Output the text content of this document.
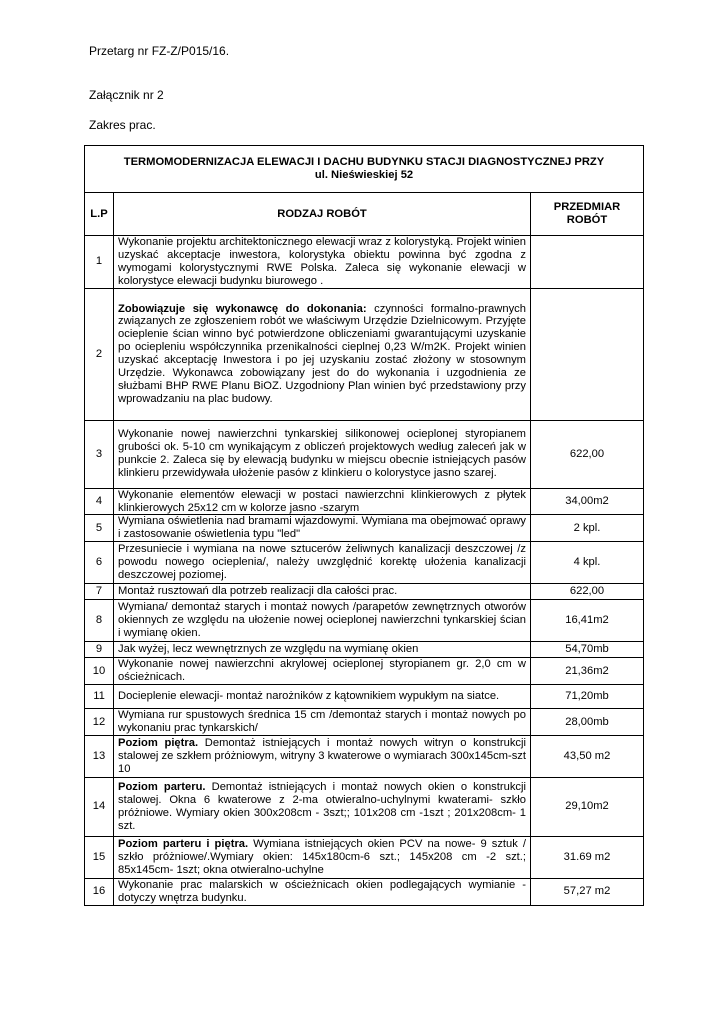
Przetarg nr FZ-Z/P015/16.
Załącznik nr 2
Zakres prac.
TERMOMODERNIZACJA ELEWACJI I DACHU BUDYNKU STACJI DIAGNOSTYCZNEJ PRZY
ul. Nieświeskiej 52		
L.P	RODZAJ ROBÓT	PRZEDMIAR ROBÓT
1	Wykonanie projektu architektonicznego elewacji wraz z kolorystyką. Projekt winien uzyskać akceptacje inwestora, kolorystyka obiektu powinna być zgodna z wymogami kolorystycznymi RWE Polska. Zaleca się wykonanie elewacji w kolorystyce elewacji budynku biurowego .	
2	Zobowiązuje się wykonawcę do dokonania: czynności formalno-prawnych związanych ze zgłoszeniem robót we właściwym Urzędzie Dzielnicowym. Przyjęte ocieplenie ścian winno być potwierdzone obliczeniami gwarantującymi uzyskanie po ociepleniu współczynnika przenikalności cieplnej 0,23 W/m2K. Projekt winien uzyskać akceptację Inwestora i po jej uzyskaniu zostać złożony w stosownym Urzędzie. Wykonawca zobowiązany jest do do wykonania i uzgodnienia ze służbami BHP RWE Planu BiOZ. Uzgodniony Plan winien być przedstawiony przy wprowadzaniu na plac budowy.	
3	Wykonanie nowej nawierzchni tynkarskiej silikonowej ocieplonej styropianem grubości ok. 5-10 cm wynikającym z obliczeń projektowych według zaleceń jak w punkcie 2. Zaleca się by elewacją budynku w miejscu obecnie istniejących pasów klinkieru przewidywała ułożenie pasów z klinkieru o kolorystyce jasno szarej.	622,00
4	Wykonanie elementów elewacji w postaci nawierzchni klinkierowych z płytek klinkierowych 25x12 cm w kolorze jasno -szarym	34,00m2
5	Wymiana oświetlenia nad bramami wjazdowymi. Wymiana ma obejmować oprawy i zastosowanie oświetlenia typu "led"	2 kpl.
6	Przesuniecie i wymiana na nowe sztucerów żeliwnych kanalizacji deszczowej /z powodu nowego ocieplenia/, należy uwzględnić korektę ułożenia kanalizacji deszczowej poziomej.	4 kpl.
7	Montaż rusztowań dla potrzeb realizacji dla całości prac.	622,00
8	Wymiana/ demontaż starych i montaż nowych /parapetów zewnętrznych otworów okiennych ze względu na ułożenie nowej ocieplonej nawierzchni tynkarskiej ścian i wymianę okien.	16,41m2
9	Jak wyżej, lecz wewnętrznych ze względu na wymianę okien	54,70mb
10	Wykonanie nowej nawierzchni akrylowej ocieplonej styropianem gr. 2,0 cm w ościeżnicach.	21,36m2
11	Docieplenie elewacji- montaż narożników z kątownikiem wypukłym na siatce.	71,20mb
12	Wymiana rur spustowych średnica 15 cm /demontaż starych i montaż nowych po wykonaniu prac tynkarskich/	28,00mb
13	Poziom piętra. Demontaż istniejących i montaż nowych witryn o konstrukcji stalowej ze szkłem próżniowym, witryny 3 kwaterowe o wymiarach 300x145cm-szt 10	43,50 m2
14	Poziom parteru. Demontaż istniejących i montaż nowych okien o konstrukcji stalowej. Okna 6 kwaterowe z 2-ma otwieralno-uchylnymi kwaterami- szkło próżniowe. Wymiary okien 300x208cm - 3szt;; 101x208 cm -1szt ; 201x208cm- 1 szt.	29,10m2
15	Poziom parteru i piętra. Wymiana istniejących okien PCV na nowe- 9 sztuk / szkło próżniowe/.Wymiary okien: 145x180cm-6 szt.; 145x208 cm -2 szt.; 85x145cm- 1szt; okna otwieralno-uchylne	31.69 m2
16	Wykonanie prac malarskich w ościeżnicach okien podlegających wymianie - dotyczy wnętrza budynku.	57,27 m2
